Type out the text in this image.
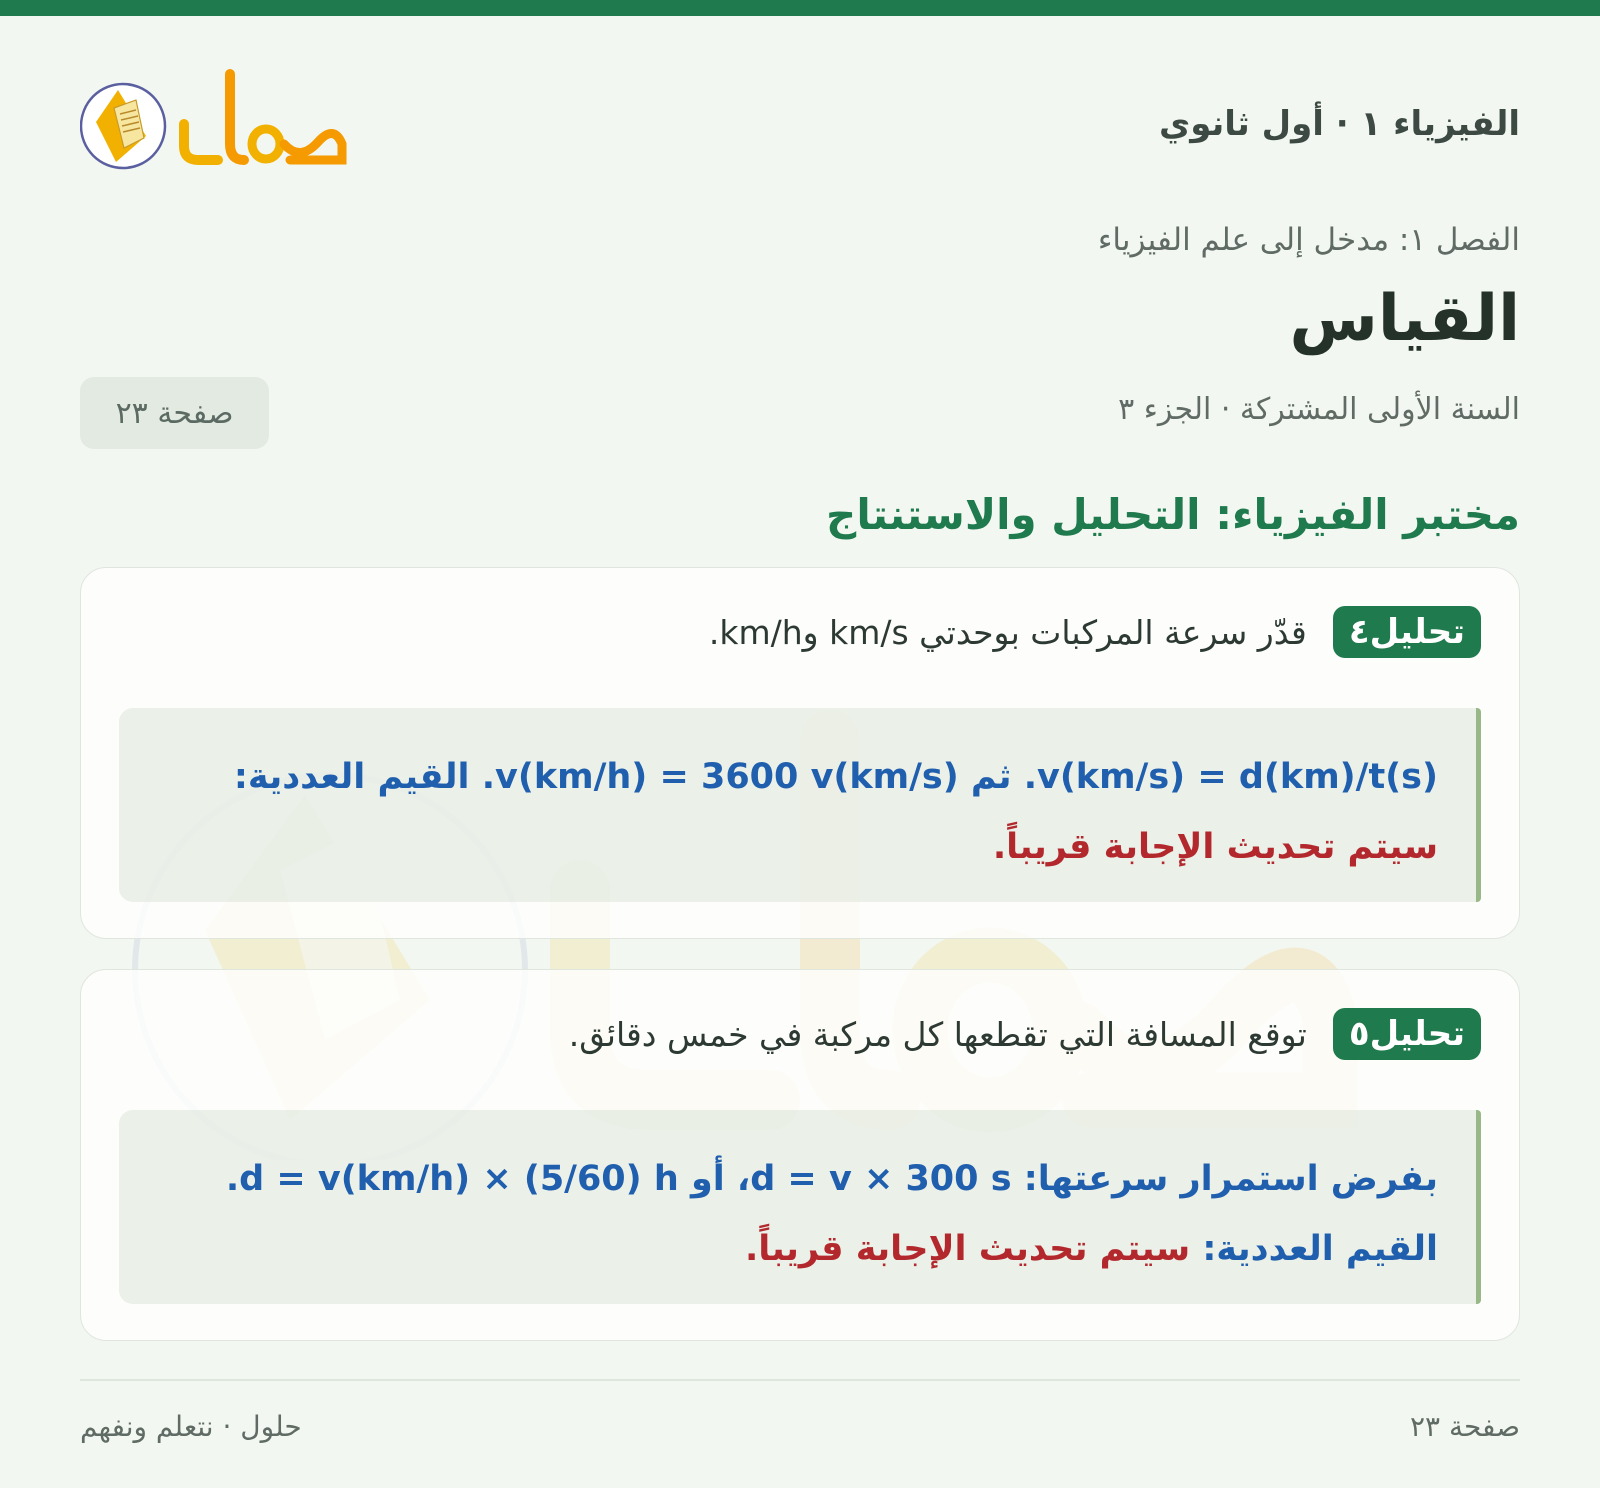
الفيزياء ١ · أول ثانوي
الفصل ١: مدخل إلى علم الفيزياء
القياس
السنة الأولى المشتركة · الجزء ٣
صفحة ٢٣
مختبر الفيزياء: التحليل والاستنتاج
تحليل٤
قدّر سرعة المركبات بوحدتي km/s وkm/h.
v(km/s) = d(km)/t(s). ثم v(km/h) = 3600 v(km/s). القيم العددية:
سيتم تحديث الإجابة قريباً.
تحليل٥
توقع المسافة التي تقطعها كل مركبة في خمس دقائق.
بفرض استمرار سرعتها: d = v × 300 s، أو d = v(km/h) × (5/60) h.
القيم العددية: سيتم تحديث الإجابة قريباً.
صفحة ٢٣
حلول · نتعلم ونفهم
